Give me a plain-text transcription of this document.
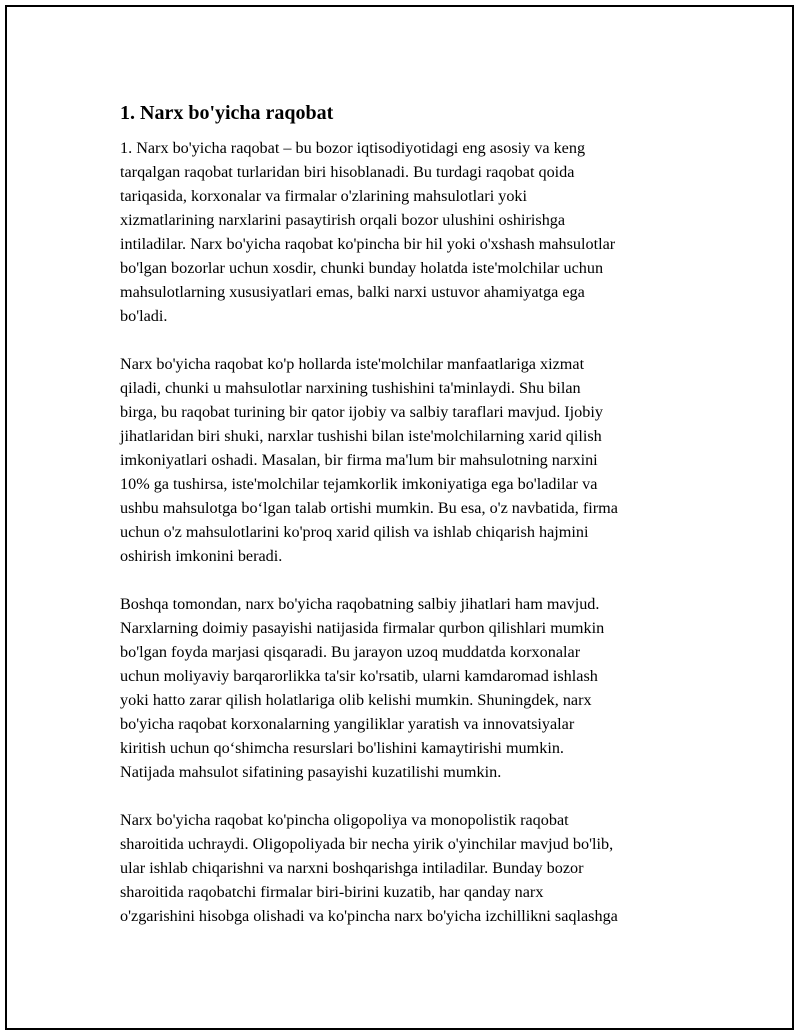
1. Narx bo'yicha raqobat

1. Narx bo'yicha raqobat – bu bozor iqtisodiyotidagi eng asosiy va keng
tarqalgan raqobat turlaridan biri hisoblanadi. Bu turdagi raqobat qoida
tariqasida, korxonalar va firmalar o'zlarining mahsulotlari yoki
xizmatlarining narxlarini pasaytirish orqali bozor ulushini oshirishga
intiladilar. Narx bo'yicha raqobat ko'pincha bir hil yoki o'xshash mahsulotlar
bo'lgan bozorlar uchun xosdir, chunki bunday holatda iste'molchilar uchun
mahsulotlarning xususiyatlari emas, balki narxi ustuvor ahamiyatga ega
bo'ladi.

Narx bo'yicha raqobat ko'p hollarda iste'molchilar manfaatlariga xizmat
qiladi, chunki u mahsulotlar narxining tushishini ta'minlaydi. Shu bilan
birga, bu raqobat turining bir qator ijobiy va salbiy taraflari mavjud. Ijobiy
jihatlaridan biri shuki, narxlar tushishi bilan iste'molchilarning xarid qilish
imkoniyatlari oshadi. Masalan, bir firma ma'lum bir mahsulotning narxini
10% ga tushirsa, iste'molchilar tejamkorlik imkoniyatiga ega bo'ladilar va
ushbu mahsulotga bo‘lgan talab ortishi mumkin. Bu esa, o'z navbatida, firma
uchun o'z mahsulotlarini ko'proq xarid qilish va ishlab chiqarish hajmini
oshirish imkonini beradi.

Boshqa tomondan, narx bo'yicha raqobatning salbiy jihatlari ham mavjud.
Narxlarning doimiy pasayishi natijasida firmalar qurbon qilishlari mumkin
bo'lgan foyda marjasi qisqaradi. Bu jarayon uzoq muddatda korxonalar
uchun moliyaviy barqarorlikka ta'sir ko'rsatib, ularni kamdaromad ishlash
yoki hatto zarar qilish holatlariga olib kelishi mumkin. Shuningdek, narx
bo'yicha raqobat korxonalarning yangiliklar yaratish va innovatsiyalar
kiritish uchun qo‘shimcha resurslari bo'lishini kamaytirishi mumkin.
Natijada mahsulot sifatining pasayishi kuzatilishi mumkin.

Narx bo'yicha raqobat ko'pincha oligopoliya va monopolistik raqobat
sharoitida uchraydi. Oligopoliyada bir necha yirik o'yinchilar mavjud bo'lib,
ular ishlab chiqarishni va narxni boshqarishga intiladilar. Bunday bozor
sharoitida raqobatchi firmalar biri-birini kuzatib, har qanday narx
o'zgarishini hisobga olishadi va ko'pincha narx bo'yicha izchillikni saqlashga
